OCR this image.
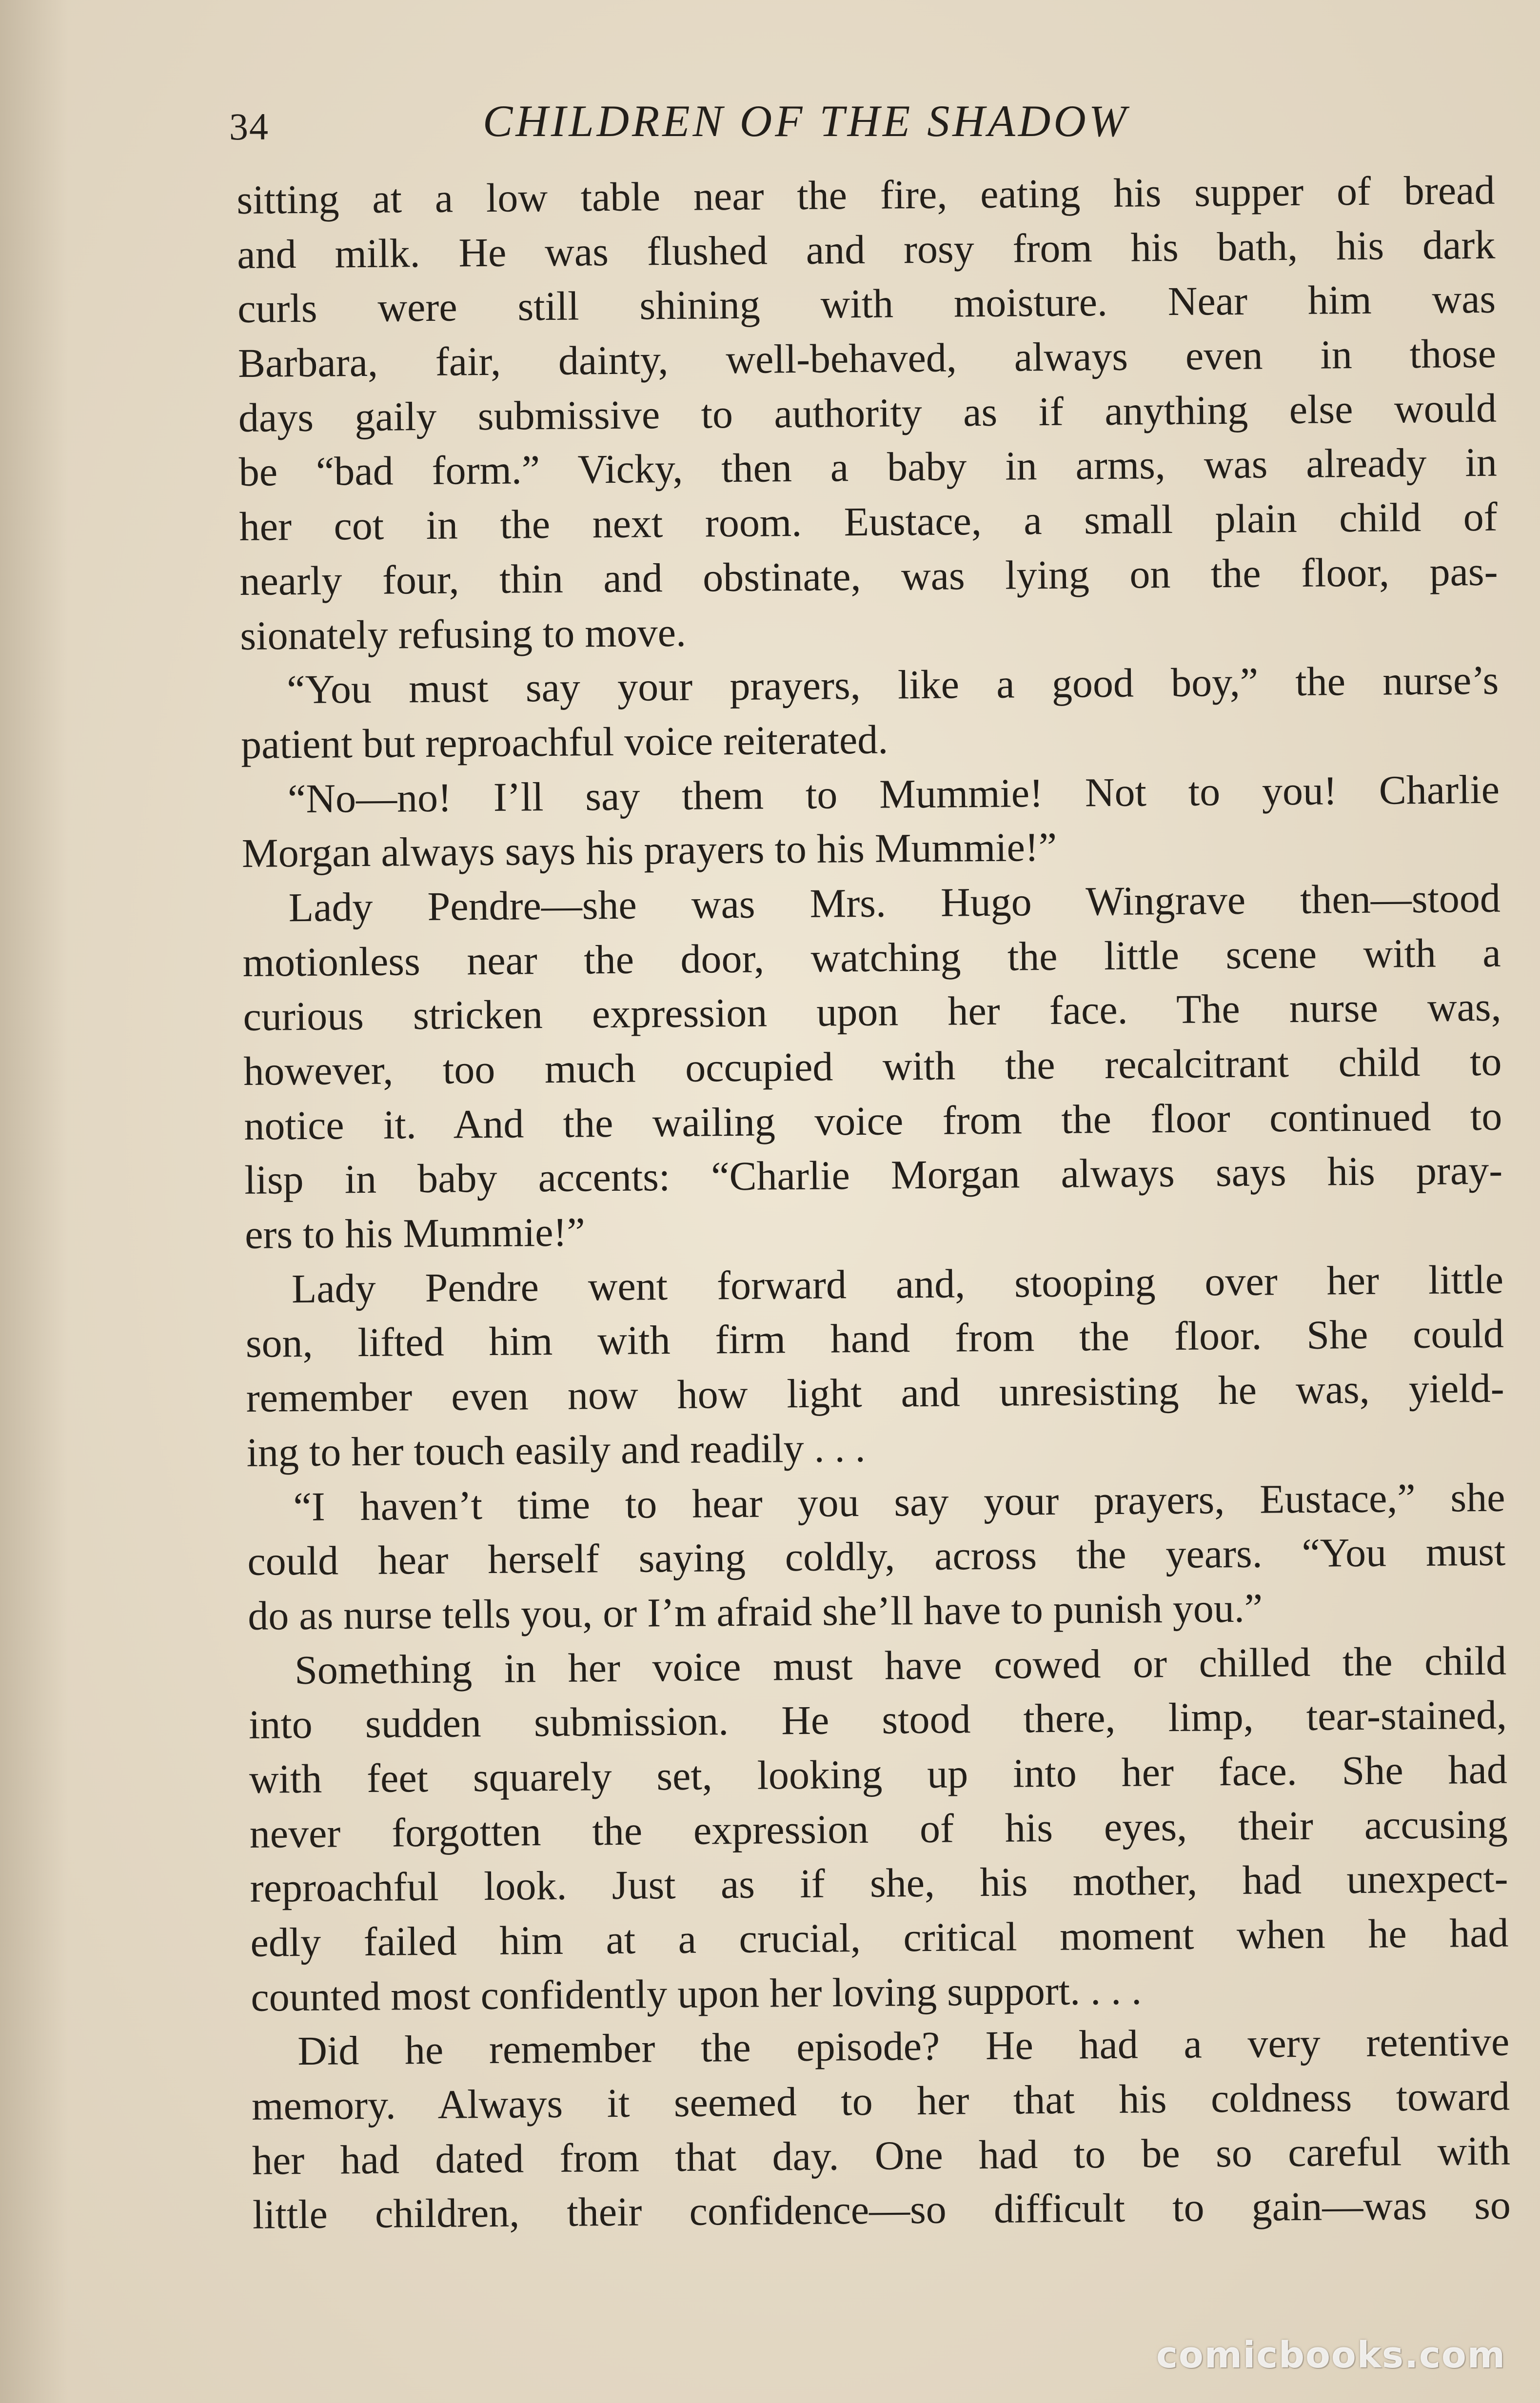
34	CHILDREN OF THE SHADOW
sitting at a low table near the fire, eating his supper of bread
and milk. He was flushed and rosy from his bath, his dark
curls were still shining with moisture. Near him was
Barbara, fair, dainty, well-behaved, always even in those
days gaily submissive to authority as if anything else would
be “bad form.” Vicky, then a baby in arms, was already in
her cot in the next room. Eustace, a small plain child of
nearly four, thin and obstinate, was lying on the floor, pas-
sionately refusing to move.
“You must say your prayers, like a good boy,” the nurse’s
patient but reproachful voice reiterated.
“No—no! I’ll say them to Mummie! Not to you! Charlie
Morgan always says his prayers to his Mummie!”
Lady Pendre—she was Mrs. Hugo Wingrave then—stood
motionless near the door, watching the little scene with a
curious stricken expression upon her face. The nurse was,
however, too much occupied with the recalcitrant child to
notice it. And the wailing voice from the floor continued to
lisp in baby accents: “Charlie Morgan always says his pray-
ers to his Mummie!”
Lady Pendre went forward and, stooping over her little
son, lifted him with firm hand from the floor. She could
remember even now how light and unresisting he was, yield-
ing to her touch easily and readily . . .
“I haven’t time to hear you say your prayers, Eustace,” she
could hear herself saying coldly, across the years. “You must
do as nurse tells you, or I’m afraid she’ll have to punish you.”
Something in her voice must have cowed or chilled the child
into sudden submission. He stood there, limp, tear-stained,
with feet squarely set, looking up into her face. She had
never forgotten the expression of his eyes, their accusing
reproachful look. Just as if she, his mother, had unexpect-
edly failed him at a crucial, critical moment when he had
counted most confidently upon her loving support. . . .
Did he remember the episode? He had a very retentive
memory. Always it seemed to her that his coldness toward
her had dated from that day. One had to be so careful with
little children, their confidence—so difficult to gain—was so
comicbooks.com
